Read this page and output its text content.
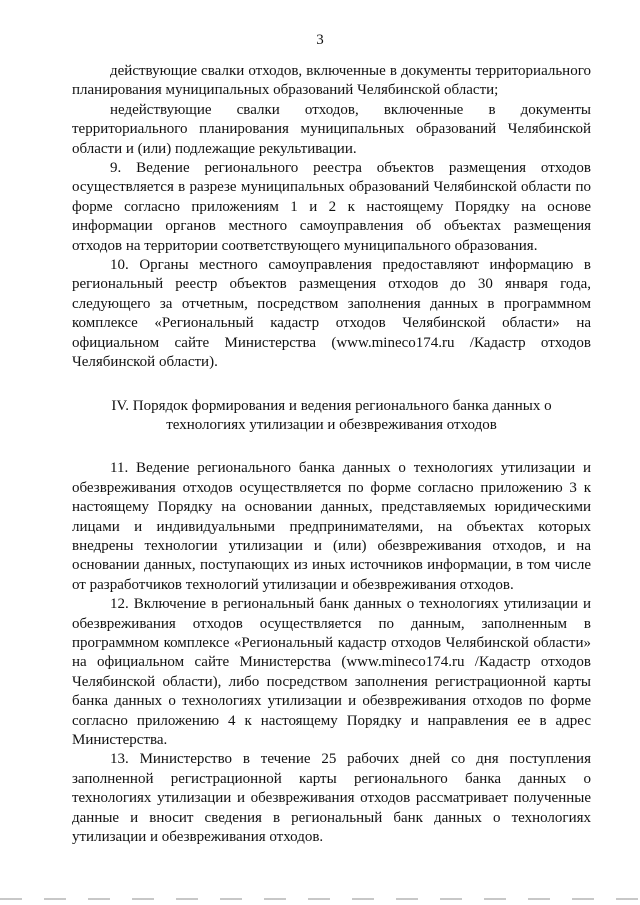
3

действующие свалки отходов, включенные в документы территориального планирования муниципальных образований Челябинской области;

недействующие свалки отходов, включенные в документы территориального планирования муниципальных образований Челябинской области и (или) подлежащие рекультивации.

9. Ведение регионального реестра объектов размещения отходов осуществляется в разрезе муниципальных образований Челябинской области по форме согласно приложениям 1 и 2 к настоящему Порядку на основе информации органов местного самоуправления об объектах размещения отходов на территории соответствующего муниципального образования.

10. Органы местного самоуправления предоставляют информацию в региональный реестр объектов размещения отходов до 30 января года, следующего за отчетным, посредством заполнения данных в программном комплексе «Региональный кадастр отходов Челябинской области» на официальном сайте Министерства (www.mineco174.ru /Кадастр отходов Челябинской области).

IV. Порядок формирования и ведения регионального банка данных о технологиях утилизации и обезвреживания отходов

11. Ведение регионального банка данных о технологиях утилизации и обезвреживания отходов осуществляется по форме согласно приложению 3 к настоящему Порядку на основании данных, представляемых юридическими лицами и индивидуальными предпринимателями, на объектах которых внедрены технологии утилизации и (или) обезвреживания отходов, и на основании данных, поступающих из иных источников информации, в том числе от разработчиков технологий утилизации и обезвреживания отходов.

12. Включение в региональный банк данных о технологиях утилизации и обезвреживания отходов осуществляется по данным, заполненным в программном комплексе «Региональный кадастр отходов Челябинской области» на официальном сайте Министерства (www.mineco174.ru /Кадастр отходов Челябинской области), либо посредством заполнения регистрационной карты банка данных о технологиях утилизации и обезвреживания отходов по форме согласно приложению 4 к настоящему Порядку и направления ее в адрес Министерства.

13. Министерство в течение 25 рабочих дней со дня поступления заполненной регистрационной карты регионального банка данных о технологиях утилизации и обезвреживания отходов рассматривает полученные данные и вносит сведения в региональный банк данных о технологиях утилизации и обезвреживания отходов.
